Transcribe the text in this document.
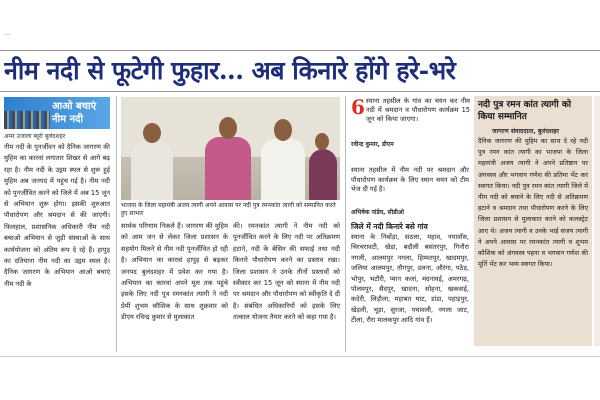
…
नीम नदी से फूटेगी फुहार... अब किनारे होंगे हरे-भरे
आओ बचाएं नीम नदी
अमर उजाला ब्यूरो बुलंदशहर
नीम नदी के पुनर्जीवन को दैनिक जागरण की मुहिम का कारवां लगातार शिखर से आगे बढ़ रहा है। नीम नदी के उद्गम स्थल से शुरू हुई मुहिम अब जनपद में पहुंच गई है। नीम नदी को पुनर्जीवित करने को जिले में अब 15 जून से अभियान शुरू होगा। इसकी शुरुआत पौधारोपण और श्रमदान से की जाएगी। फिलहाल, प्रशासनिक अधिकारी नीम नदी बचाओ अभियान से जुड़ी संस्थाओं के साथ कार्ययोजना को अंतिम रूप दे रहे हैं। हापुड़ का दतियाना नीम नदी का उद्गम स्थल है। दैनिक जागरण के अभियान आओ बचाएं नीम नदी के
भाजपा के जिला महामंत्री अजय त्यागी अपने आवास पर नदी पुत्र रमनकांत त्यागी को सम्मानित करते हुए साभार
सार्थक परिणाम निकले हैं। जागरण की मुहिम को आम जन से लेकर जिला प्रशासन के सहयोग मिलने से नीम नदी पुनर्जीवित हो रही है। अभियान का कारवां हापुड़ से बढ़कर जनपद बुलंदशहर में प्रवेश कर गया है। अभियान का कारवां अपने मूल तक पहुंचे इसके लिए नदी पुत्र रमनकांत त्यागी ने नदी प्रेमी शुभम कौशिक के साथ शुक्रवार को डीएम रविन्द्र कुमार से मुलाकात
की। रमनकांत त्यागी ने नीम नदी को पुनर्जीवित करने के लिए नदी पर अतिक्रमण हटाने, नदी के बेसिन की सफाई तथा नदी किनारे पौधारोपण करने का प्रस्ताव रखा। जिला प्रशासन ने उनके तीनों प्रस्तावों को स्वीकार कर 15 जून को स्याना में नीम नदी पर श्रमदान और पौधारोपण को स्वीकृति दे दी है। संबंधित अधिकारियों को इसके लिए तत्काल योजना तैयार करने को कहा गया है।
6 स्याना तहसील के गांव का चयन कर नीम नदी में श्रमदान व पौधारोपण कार्यक्रम 15 जून को किया जाएगा।
रवीन्द्र कुमार, डीएम
स्याना तहसील में नीम नदी पर श्रमदान और पौधारोपण कार्यक्रम के लिए स्थान चयन को टीम भेज दी गई है।
अभिषेक पांडेय, सीडीओ
जिले में नदी किनारे बसे गांव
स्याना के निबोंड़ा, सठला, महाव, नयावाँस, चिरचरावटी, खेड़ा, बदौली बसंतरपुर, गिनौरा नगली, आलमपुर नगला, हिम्मतपुर, खादमपुर, जलिया आलमपुर, तौगपुर, डलना, औरंगा, पठेड़, भोपुर, भटौरी, प्यान कलां, मदनावई, अमरगढ़, पोलमपुर, सैदपुर, खादना, सोहना, खकवाई, कदेरी, लिड़ौला, महाबत घाट, डांडा, पहाड़पुर, खेड़ली, भूड़ा, सुरजा, पचावली, नगला जाट, टीला, रौरा मालकपुर आदि गांव हैं।
नदी पुत्र रमन कांत त्यागी को किया सम्मानित
जागरण संवाददाता, बुलंदशहर
दैनिक जागरण की मुहिम का साथ दे रहे नदी पुत्र रमन कांत त्यागी का भाजपा के जिला महामंत्री अजय त्यागी ने अपने प्रतिष्ठान पर अंगवस्त्र और भगवान गणेश की प्रतिमा भेंट कर स्वागत किया। नदी पुत्र रमन कांत त्यागी जिले में नीम नदी को बचाने के लिए नदी से अतिक्रमण हटाने व श्रमदान तथा पौधारोपण करने के लिए जिला प्रशासन से मुलाकात करने को कलक्ट्रेट आए थे। अजय त्यागी व उनके भाई संजय त्यागी ने अपने आवास पर रमनकांत त्यागी व शुभम कौशिक को अंगवस्त्र पहना व भगवान गणेश की मूर्ति भेंट कर भव्य स्वागत किया।
